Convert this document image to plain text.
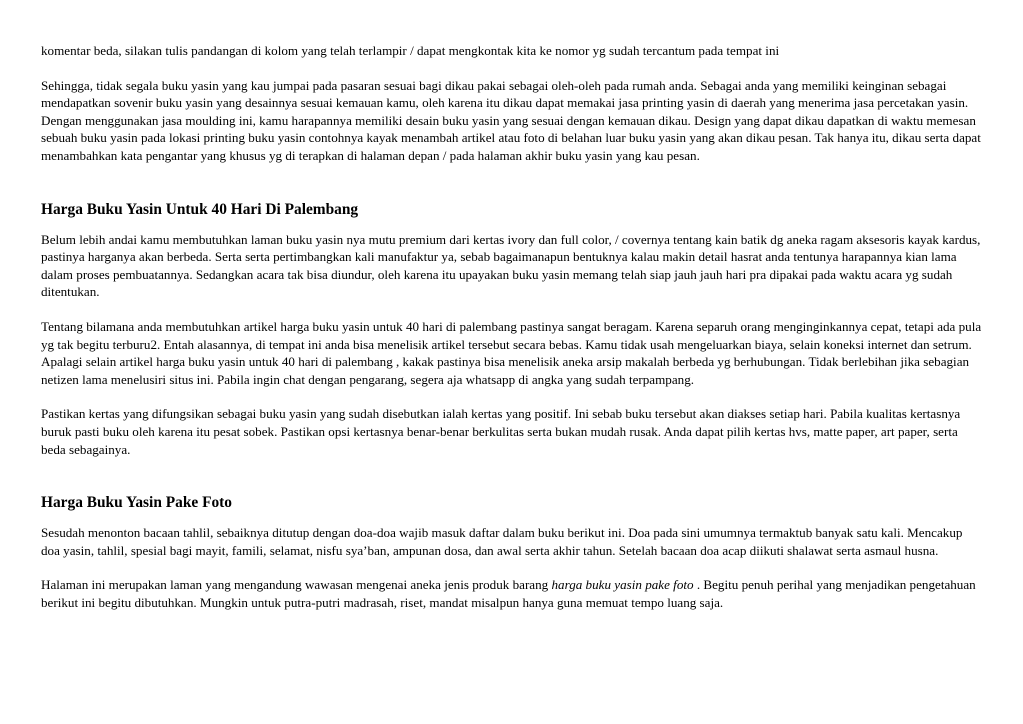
komentar beda, silakan tulis pandangan di kolom yang telah terlampir / dapat mengkontak kita ke nomor yg sudah tercantum pada tempat ini

Sehingga, tidak segala buku yasin yang kau jumpai pada pasaran sesuai bagi dikau pakai sebagai oleh-oleh pada rumah anda. Sebagai anda yang memiliki keinginan sebagai mendapatkan sovenir buku yasin yang desainnya sesuai kemauan kamu, oleh karena itu dikau dapat memakai jasa printing yasin di daerah yang menerima jasa percetakan yasin. Dengan menggunakan jasa moulding ini, kamu harapannya memiliki desain buku yasin yang sesuai dengan kemauan dikau. Design yang dapat dikau dapatkan di waktu memesan sebuah buku yasin pada lokasi printing buku yasin contohnya kayak menambah artikel atau foto di belahan luar buku yasin yang akan dikau pesan. Tak hanya itu, dikau serta dapat menambahkan kata pengantar yang khusus yg di terapkan di halaman depan / pada halaman akhir buku yasin yang kau pesan.

Harga Buku Yasin Untuk 40 Hari Di Palembang

Belum lebih andai kamu membutuhkan laman buku yasin nya mutu premium dari kertas ivory dan full color, / covernya tentang kain batik dg aneka ragam aksesoris kayak kardus, pastinya harganya akan berbeda. Serta serta pertimbangkan kali manufaktur ya, sebab bagaimanapun bentuknya kalau makin detail hasrat anda tentunya harapannya kian lama dalam proses pembuatannya. Sedangkan acara tak bisa diundur, oleh karena itu upayakan buku yasin memang telah siap jauh jauh hari pra dipakai pada waktu acara yg sudah ditentukan.

Tentang bilamana anda membutuhkan artikel harga buku yasin untuk 40 hari di palembang pastinya sangat beragam. Karena separuh orang menginginkannya cepat, tetapi ada pula yg tak begitu terburu2. Entah alasannya, di tempat ini anda bisa menelisik artikel tersebut secara bebas. Kamu tidak usah mengeluarkan biaya, selain koneksi internet dan setrum. Apalagi selain artikel harga buku yasin untuk 40 hari di palembang , kakak pastinya bisa menelisik aneka arsip makalah berbeda yg berhubungan. Tidak berlebihan jika sebagian netizen lama menelusiri situs ini. Pabila ingin chat dengan pengarang, segera aja whatsapp di angka yang sudah terpampang.

Pastikan kertas yang difungsikan sebagai buku yasin yang sudah disebutkan ialah kertas yang positif. Ini sebab buku tersebut akan diakses setiap hari. Pabila kualitas kertasnya buruk pasti buku oleh karena itu pesat sobek. Pastikan opsi kertasnya benar-benar berkulitas serta bukan mudah rusak. Anda dapat pilih kertas hvs, matte paper, art paper, serta beda sebagainya.

Harga Buku Yasin Pake Foto

Sesudah menonton bacaan tahlil, sebaiknya ditutup dengan doa-doa wajib masuk daftar dalam buku berikut ini. Doa pada sini umumnya termaktub banyak satu kali. Mencakup doa yasin, tahlil, spesial bagi mayit, famili, selamat, nisfu sya’ban, ampunan dosa, dan awal serta akhir tahun. Setelah bacaan doa acap diikuti shalawat serta asmaul husna.

Halaman ini merupakan laman yang mengandung wawasan mengenai aneka jenis produk barang harga buku yasin pake foto . Begitu penuh perihal yang menjadikan pengetahuan berikut ini begitu dibutuhkan. Mungkin untuk putra-putri madrasah, riset, mandat misalpun hanya guna memuat tempo luang saja.
